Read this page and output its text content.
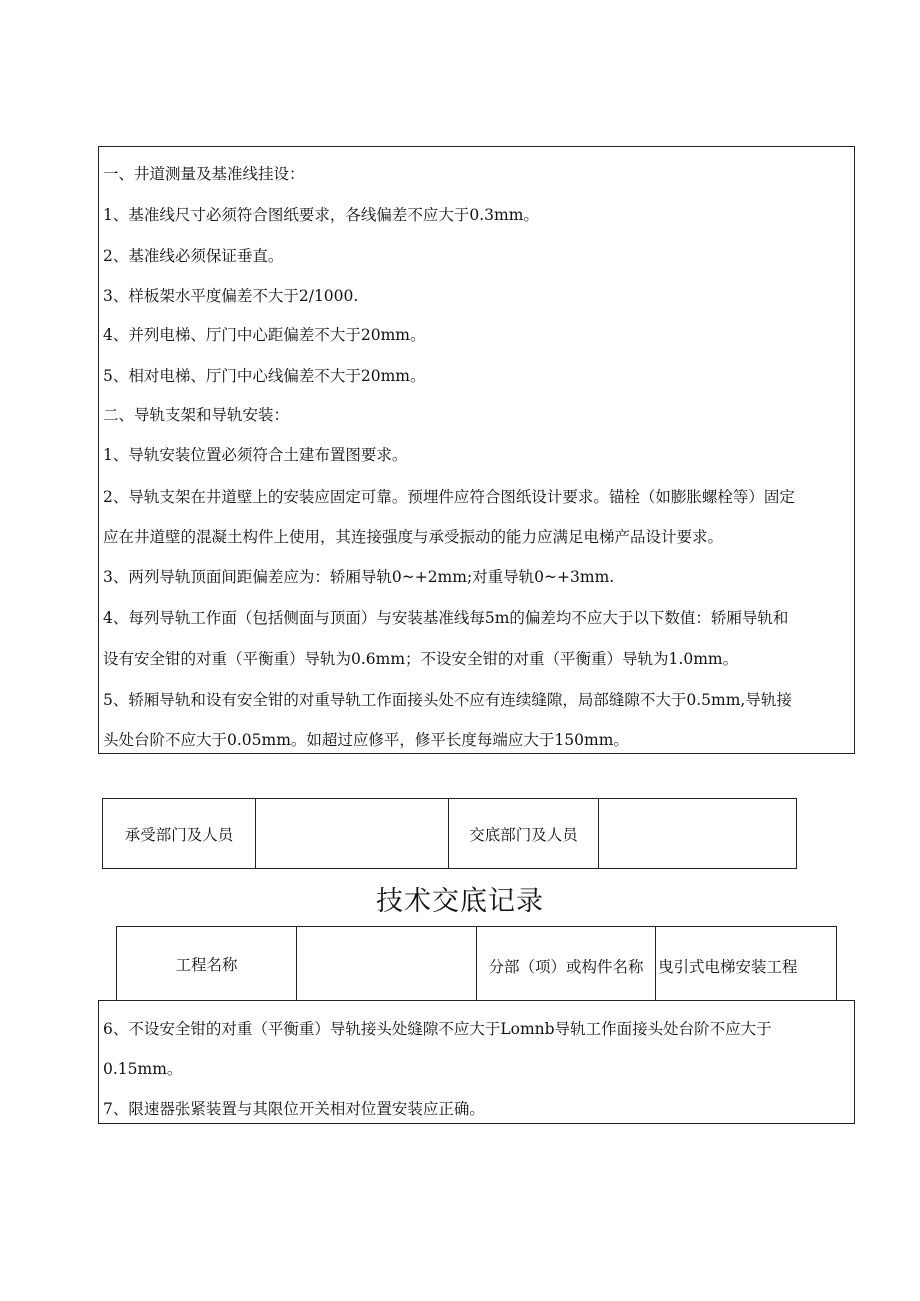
一、井道测量及基准线挂设：
1、基准线尺寸必须符合图纸要求，各线偏差不应大于0.3mm。
2、基准线必须保证垂直。
3、样板架水平度偏差不大于2/1000.
4、并列电梯、厅门中心距偏差不大于20mm。
5、相对电梯、厅门中心线偏差不大于20mm。
二、导轨支架和导轨安装：
1、导轨安装位置必须符合土建布置图要求。
2、导轨支架在井道壁上的安装应固定可靠。预埋件应符合图纸设计要求。锚栓（如膨胀螺栓等）固定
应在井道壁的混凝土构件上使用，其连接强度与承受振动的能力应满足电梯产品设计要求。
3、两列导轨顶面间距偏差应为：轿厢导轨0~+2mm;对重导轨0~+3mm.
4、每列导轨工作面（包括侧面与顶面）与安装基准线每5m的偏差均不应大于以下数值：轿厢导轨和
设有安全钳的对重（平衡重）导轨为0.6mm；不设安全钳的对重（平衡重）导轨为1.0mm。
5、轿厢导轨和设有安全钳的对重导轨工作面接头处不应有连续缝隙，局部缝隙不大于0.5mm,导轨接
头处台阶不应大于0.05mm。如超过应修平，修平长度每端应大于150mm。
承受部门及人员	交底部门及人员
技术交底记录
工程名称	分部（项）或构件名称 曳引式电梯安装工程
6、不设安全钳的对重（平衡重）导轨接头处缝隙不应大于Lomnb导轨工作面接头处台阶不应大于
0.15mm。
7、限速器张紧装置与其限位开关相对位置安装应正确。
